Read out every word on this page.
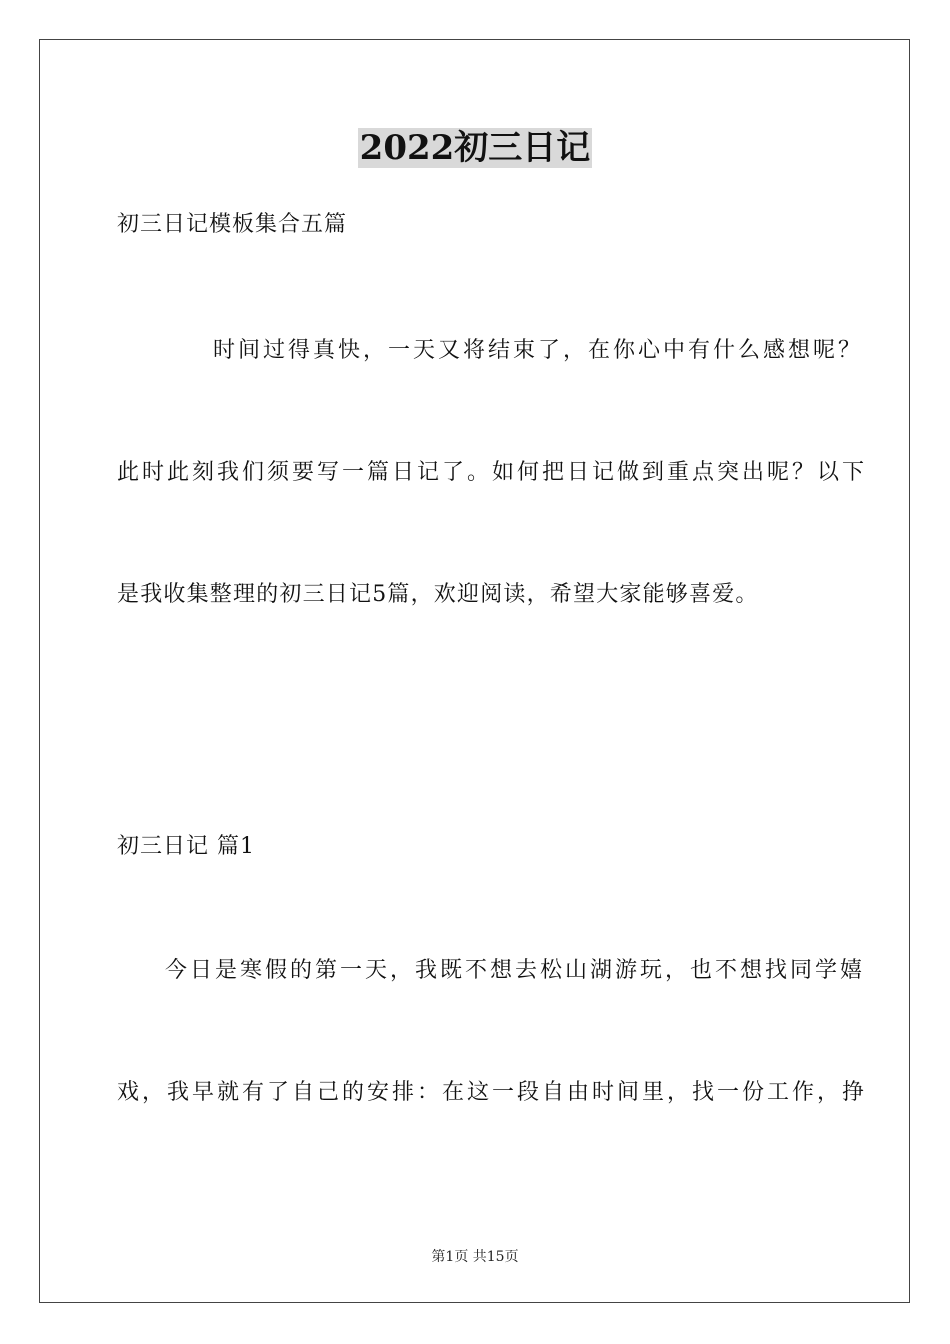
2022初三日记
初三日记模板集合五篇
时间过得真快，一天又将结束了，在你心中有什么感想呢？
此时此刻我们须要写一篇日记了。如何把日记做到重点突出呢？以下
是我收集整理的初三日记5篇，欢迎阅读，希望大家能够喜爱。
初三日记 篇1
今日是寒假的第一天，我既不想去松山湖游玩，也不想找同学嬉
戏，我早就有了自己的安排：在这一段自由时间里，找一份工作，挣
第1页 共15页
